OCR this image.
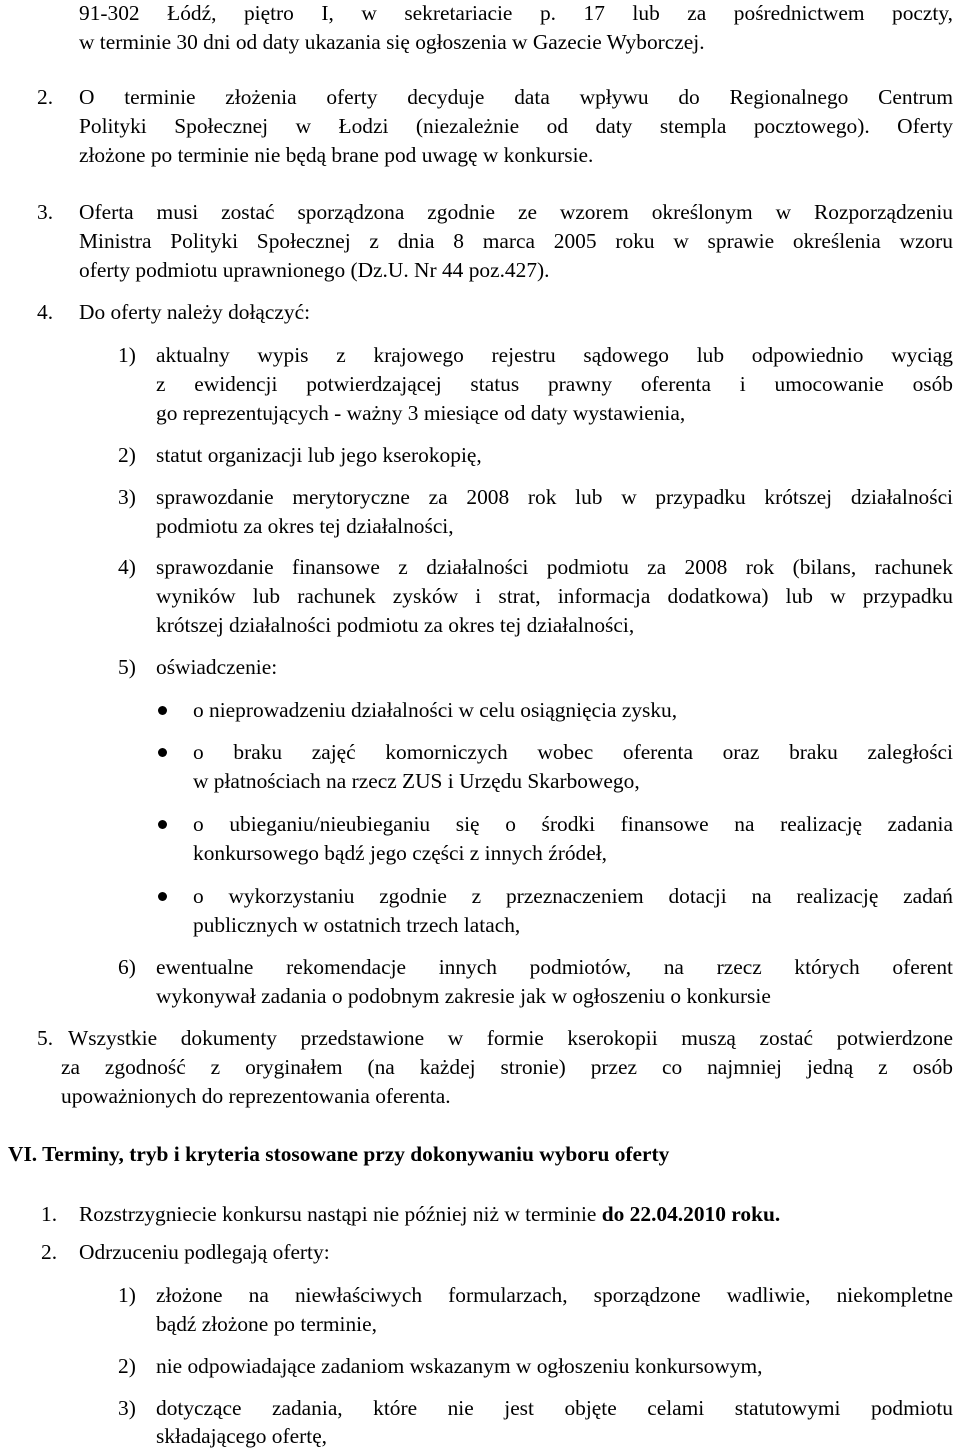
91-302 Łódź, piętro I, w sekretariacie p. 17 lub za pośrednictwem poczty,
w terminie 30 dni od daty ukazania się ogłoszenia w Gazecie Wyborczej.
2. O terminie złożenia oferty decyduje data wpływu do Regionalnego Centrum
Polityki Społecznej w Łodzi (niezależnie od daty stempla pocztowego). Oferty
złożone po terminie nie będą brane pod uwagę w konkursie.
3. Oferta musi zostać sporządzona zgodnie ze wzorem określonym w Rozporządzeniu
Ministra Polityki Społecznej z dnia 8 marca 2005 roku w sprawie określenia wzoru
oferty podmiotu uprawnionego (Dz.U. Nr 44 poz.427).
4. Do oferty należy dołączyć:
1) aktualny wypis z krajowego rejestru sądowego lub odpowiednio wyciąg
z ewidencji potwierdzającej status prawny oferenta i umocowanie osób
go reprezentujących - ważny 3 miesiące od daty wystawienia,
2) statut organizacji lub jego kserokopię,
3) sprawozdanie merytoryczne za 2008 rok lub w przypadku krótszej działalności
podmiotu za okres tej działalności,
4) sprawozdanie finansowe z działalności podmiotu za 2008 rok (bilans, rachunek
wyników lub rachunek zysków i strat, informacja dodatkowa) lub w przypadku
krótszej działalności podmiotu za okres tej działalności,
5) oświadczenie:
o nieprowadzeniu działalności w celu osiągnięcia zysku,
o braku zajęć komorniczych wobec oferenta oraz braku zaległości
w płatnościach na rzecz ZUS i Urzędu Skarbowego,
o ubieganiu/nieubieganiu się o środki finansowe na realizację zadania
konkursowego bądź jego części z innych źródeł,
o wykorzystaniu zgodnie z przeznaczeniem dotacji na realizację zadań
publicznych w ostatnich trzech latach,
6) ewentualne rekomendacje innych podmiotów, na rzecz których oferent
wykonywał zadania o podobnym zakresie jak w ogłoszeniu o konkursie
5. Wszystkie dokumenty przedstawione w formie kserokopii muszą zostać potwierdzone
za zgodność z oryginałem (na każdej stronie) przez co najmniej jedną z osób
upoważnionych do reprezentowania oferenta.
VI. Terminy, tryb i kryteria stosowane przy dokonywaniu wyboru oferty
1. Rozstrzygniecie konkursu nastąpi nie później niż w terminie do 22.04.2010 roku.
2. Odrzuceniu podlegają oferty:
1) złożone na niewłaściwych formularzach, sporządzone wadliwie, niekompletne
bądź złożone po terminie,
2) nie odpowiadające zadaniom wskazanym w ogłoszeniu konkursowym,
3) dotyczące zadania, które nie jest objęte celami statutowymi podmiotu
składającego ofertę,
